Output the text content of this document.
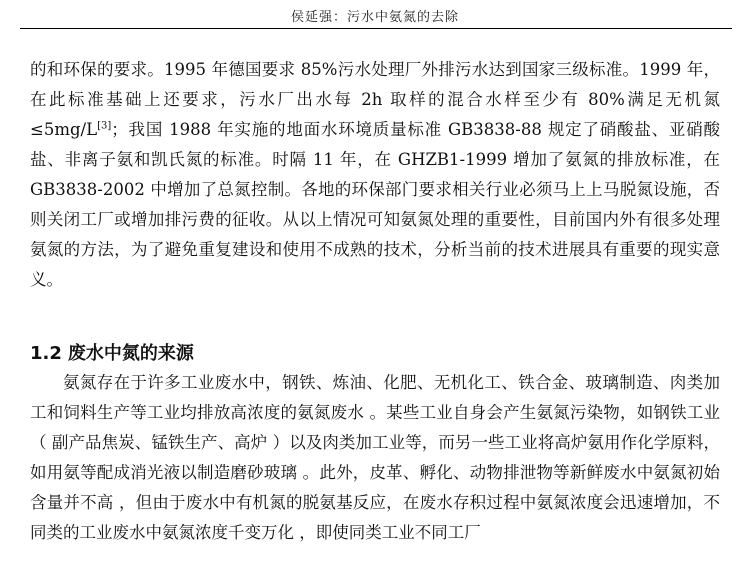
侯延强：污水中氨氮的去除

的和环保的要求。1995 年德国要求 85%污水处理厂外排污水达到国家三级标准。1999 年，在此标准基础上还要求，污水厂出水每 2h 取样的混合水样至少有 80%满足无机氮≤5mg/L[3]；我国 1988 年实施的地面水环境质量标准 GB3838-88 规定了硝酸盐、亚硝酸盐、非离子氨和凯氏氮的标准。时隔 11 年，在 GHZB1-1999 增加了氨氮的排放标准，在GB3838-2002 中增加了总氮控制。各地的环保部门要求相关行业必须马上上马脱氮设施，否则关闭工厂或增加排污费的征收。从以上情况可知氨氮处理的重要性，目前国内外有很多处理氨氮的方法，为了避免重复建设和使用不成熟的技术，分析当前的技术进展具有重要的现实意义。

1.2 废水中氮的来源

氨氮存在于许多工业废水中，钢铁、炼油、化肥、无机化工、铁合金、玻璃制造、肉类加工和饲料生产等工业均排放高浓度的氨氮废水 。某些工业自身会产生氨氮污染物，如钢铁工业（ 副产品焦炭、锰铁生产、高炉 ）以及肉类加工业等，而另一些工业将高炉氨用作化学原料，如用氨等配成消光液以制造磨砂玻璃 。此外，皮革、孵化、动物排泄物等新鲜废水中氨氮初始含量并不高 ，但由于废水中有机氮的脱氨基反应，在废水存积过程中氨氮浓度会迅速增加，不同类的工业废水中氨氮浓度千变万化 ，即使同类工业不同工厂
